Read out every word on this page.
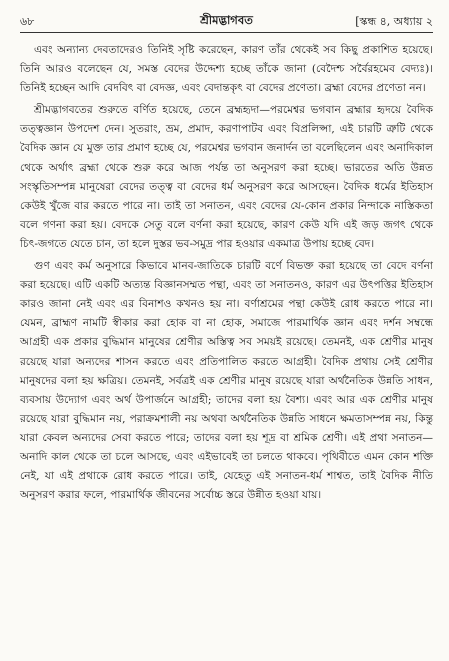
৬৮	শ্রীমদ্ভাগবত	[স্কন্ধ ৪, অধ্যায় ২

এবং অন্যান্য দেবতাদেরও তিনিই সৃষ্টি করেছেন, কারণ তাঁর থেকেই সব কিছু প্রকাশিত হয়েছে। তিনি আরও বলেছেন যে, সমস্ত বেদের উদ্দেশ্য হচ্ছে তাঁকে জানা (বেদৈশ্চ সর্বৈরহমেব বেদ্যঃ)। তিনিই হচ্ছেন আদি বেদবিৎ বা বেদজ্ঞ, এবং বেদান্তকৃৎ বা বেদের প্রণেতা। ব্রহ্মা বেদের প্রণেতা নন।

শ্রীমদ্ভাগবতের শুরুতে বর্ণিত হয়েছে, তেনে ব্রহ্মহৃদা—পরমেশ্বর ভগবান ব্রহ্মার হৃদয়ে বৈদিক তত্ত্বজ্ঞান উপদেশ দেন। সুতরাং, ভ্রম, প্রমাদ, করণাপাটব এবং বিপ্রলিপ্সা, এই চারটি ত্রুটি থেকে বৈদিক জ্ঞান যে মুক্ত তার প্রমাণ হচ্ছে যে, পরমেশ্বর ভগবান জনার্দন তা বলেছিলেন এবং অনাদিকাল থেকে অর্থাৎ ব্রহ্মা থেকে শুরু করে আজ পর্যন্ত তা অনুসরণ করা হচ্ছে। ভারতের অতি উন্নত সংস্কৃতিসম্পন্ন মানুষেরা বেদের তত্ত্ব বা বেদের ধর্ম অনুসরণ করে আসছেন। বৈদিক ধর্মের ইতিহাস কেউই খুঁজে বার করতে পারে না। তাই তা সনাতন, এবং বেদের যে-কোন প্রকার নিন্দাকে নাস্তিকতা বলে গণনা করা হয়। বেদকে সেতু বলে বর্ণনা করা হয়েছে, কারণ কেউ যদি এই জড় জগৎ থেকে চিৎ-জগতে যেতে চান, তা হলে দুস্তর ভব-সমুদ্র পার হওয়ার একমাত্র উপায় হচ্ছে বেদ।

গুণ এবং কর্ম অনুসারে কিভাবে মানব-জাতিকে চারটি বর্ণে বিভক্ত করা হয়েছে তা বেদে বর্ণনা করা হয়েছে। এটি একটি অত্যন্ত বিজ্ঞানসম্মত পন্থা, এবং তা সনাতনও, কারণ এর উৎপত্তির ইতিহাস কারও জানা নেই এবং এর বিনাশও কখনও হয় না। বর্ণাশ্রমের পন্থা কেউই রোধ করতে পারে না। যেমন, ব্রাহ্মণ নামটি স্বীকার করা হোক বা না হোক, সমাজে পারমার্থিক জ্ঞান এবং দর্শন সম্বন্ধে আগ্রহী এক প্রকার বুদ্ধিমান মানুষের শ্রেণীর অস্তিত্ব সব সময়ই রয়েছে। তেমনই, এক শ্রেণীর মানুষ রয়েছে যারা অন্যদের শাসন করতে এবং প্রতিপালিত করতে আগ্রহী। বৈদিক প্রথায় সেই শ্রেণীর মানুষদের বলা হয় ক্ষত্রিয়। তেমনই, সর্বত্রই এক শ্রেণীর মানুষ রয়েছে যারা অর্থনৈতিক উন্নতি সাধন, ব্যবসায় উদ্যোগ এবং অর্থ উপার্জনে আগ্রহী; তাদের বলা হয় বৈশ্য। এবং আর এক শ্রেণীর মানুষ রয়েছে যারা বুদ্ধিমান নয়, পরাক্রমশালী নয় অথবা অর্থনৈতিক উন্নতি সাধনে ক্ষমতাসম্পন্ন নয়, কিন্তু যারা কেবল অন্যদের সেবা করতে পারে; তাদের বলা হয় শূদ্র বা শ্রমিক শ্রেণী। এই প্রথা সনাতন—অনাদি কাল থেকে তা চলে আসছে, এবং এইভাবেই তা চলতে থাকবে। পৃথিবীতে এমন কোন শক্তি নেই, যা এই প্রথাকে রোধ করতে পারে। তাই, যেহেতু এই সনাতন-ধর্ম শাশ্বত, তাই বৈদিক নীতি অনুসরণ করার ফলে, পারমার্থিক জীবনের সর্বোচ্চ স্তরে উন্নীত হওয়া যায়।
